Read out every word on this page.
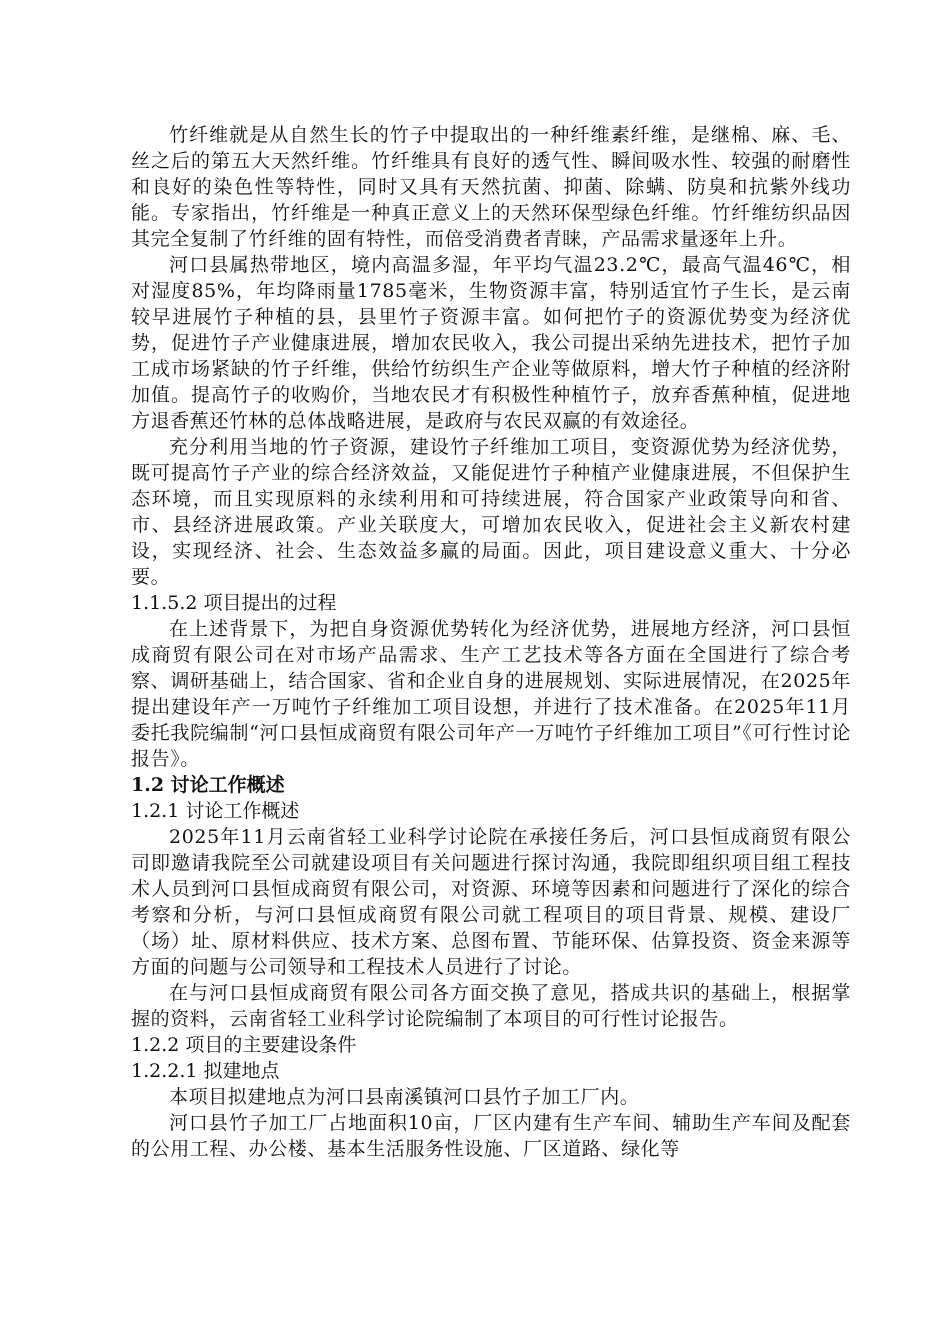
竹纤维就是从自然生长的竹子中提取出的一种纤维素纤维，是继棉、麻、毛、丝之后的第五大天然纤维。竹纤维具有良好的透气性、瞬间吸水性、较强的耐磨性和良好的染色性等特性，同时又具有天然抗菌、抑菌、除螨、防臭和抗紫外线功能。专家指出，竹纤维是一种真正意义上的天然环保型绿色纤维。竹纤维纺织品因其完全复制了竹纤维的固有特性，而倍受消费者青睐，产品需求量逐年上升。

河口县属热带地区，境内高温多湿，年平均气温23.2℃，最高气温46℃，相对湿度85%，年均降雨量1785毫米，生物资源丰富，特别适宜竹子生长，是云南较早进展竹子种植的县，县里竹子资源丰富。如何把竹子的资源优势变为经济优势，促进竹子产业健康进展，增加农民收入，我公司提出采纳先进技术，把竹子加工成市场紧缺的竹子纤维，供给竹纺织生产企业等做原料，增大竹子种植的经济附加值。提高竹子的收购价，当地农民才有积极性种植竹子，放弃香蕉种植，促进地方退香蕉还竹林的总体战略进展，是政府与农民双赢的有效途径。

充分利用当地的竹子资源，建设竹子纤维加工项目，变资源优势为经济优势，既可提高竹子产业的综合经济效益，又能促进竹子种植产业健康进展，不但保护生态环境，而且实现原料的永续利用和可持续进展，符合国家产业政策导向和省、市、县经济进展政策。产业关联度大，可增加农民收入，促进社会主义新农村建设，实现经济、社会、生态效益多赢的局面。因此，项目建设意义重大、十分必要。

1.1.5.2 项目提出的过程

在上述背景下，为把自身资源优势转化为经济优势，进展地方经济，河口县恒成商贸有限公司在对市场产品需求、生产工艺技术等各方面在全国进行了综合考察、调研基础上，结合国家、省和企业自身的进展规划、实际进展情况，在2025年提出建设年产一万吨竹子纤维加工项目设想，并进行了技术准备。在2025年11月委托我院编制“河口县恒成商贸有限公司年产一万吨竹子纤维加工项目”《可行性讨论报告》。

1.2 讨论工作概述

1.2.1 讨论工作概述

2025年11月云南省轻工业科学讨论院在承接任务后，河口县恒成商贸有限公司即邀请我院至公司就建设项目有关问题进行探讨沟通，我院即组织项目组工程技术人员到河口县恒成商贸有限公司，对资源、环境等因素和问题进行了深化的综合考察和分析，与河口县恒成商贸有限公司就工程项目的项目背景、规模、建设厂（场）址、原材料供应、技术方案、总图布置、节能环保、估算投资、资金来源等方面的问题与公司领导和工程技术人员进行了讨论。

在与河口县恒成商贸有限公司各方面交换了意见，搭成共识的基础上，根据掌握的资料，云南省轻工业科学讨论院编制了本项目的可行性讨论报告。

1.2.2 项目的主要建设条件

1.2.2.1 拟建地点

本项目拟建地点为河口县南溪镇河口县竹子加工厂内。

河口县竹子加工厂占地面积10亩，厂区内建有生产车间、辅助生产车间及配套的公用工程、办公楼、基本生活服务性设施、厂区道路、绿化等
